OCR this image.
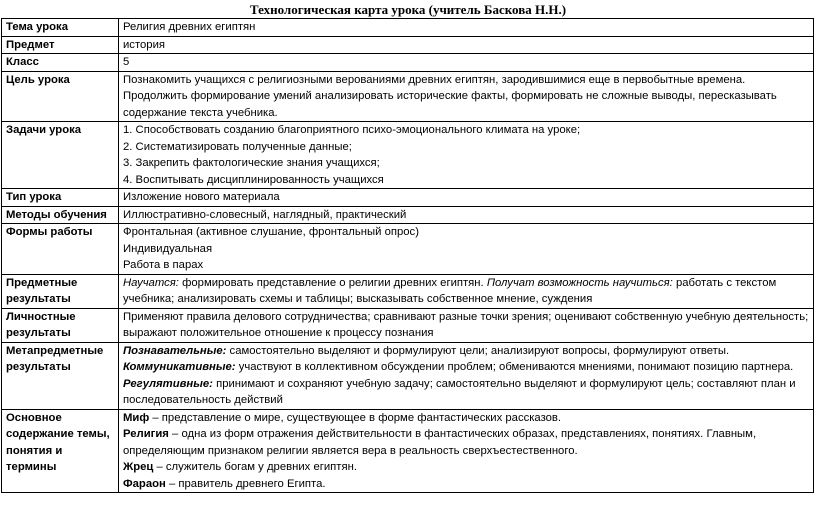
Технологическая карта урока (учитель Баскова Н.Н.)
Тема урока	Религия древних египтян
Предмет	история
Класс	5
Цель урока	Познакомить учащихся с религиозными верованиями древних египтян, зародившимися еще в первобытные времена. Продолжить формирование умений анализировать исторические факты, формировать не сложные выводы, пересказывать содержание текста учебника.
Задачи урока	1. Способствовать созданию благоприятного психо-эмоционального климата на уроке;
2. Систематизировать полученные данные;
3. Закрепить фактологические знания учащихся;
4. Воспитывать дисциплинированность учащихся

Тип урока	Изложение нового материала
Методы обучения	Иллюстративно-словесный, наглядный, практический
Формы работы	Фронтальная (активное слушание, фронтальный опрос)
Индивидуальная
Работа в парах

Предметные результаты	Научатся: формировать представление о религии древних египтян. Получат возможность научиться: работать с текстом учебника; анализировать схемы и таблицы; высказывать собственное мнение, суждения
Личностные результаты	Применяют правила делового сотрудничества; сравнивают разные точки зрения; оценивают собственную учебную деятельность; выражают положительное отношение к процессу познания
Метапредметные результаты	Познавательные: самостоятельно выделяют и формулируют цели; анализируют вопросы, формулируют ответы.
Коммуникативные: участвуют в коллективном обсуждении проблем; обмениваются мнениями, понимают позицию партнера.
Регулятивные: принимают и сохраняют учебную задачу; самостоятельно выделяют и формулируют цель; составляют план и последовательность действий

Основное содержание темы, понятия и термины	Миф – представление о мире, существующее в форме фантастических рассказов.
Религия – одна из форм отражения действительности в фантастических образах, представлениях, понятиях. Главным, определяющим признаком религии является вера в реальность сверхъестественного.
Жрец – служитель богам у древних египтян.
Фараон – правитель древнего Египта.
